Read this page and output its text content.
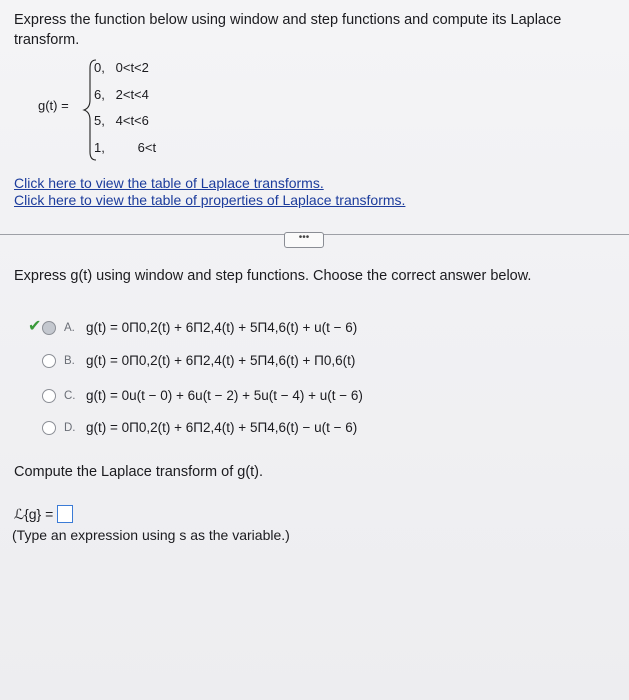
Express the function below using window and step functions and compute its Laplace transform.
g(t) =
0, 0<t<2
6, 2<t<4
5, 4<t<6
1,	6<t
Click here to view the table of Laplace transforms.
Click here to view the table of properties of Laplace transforms.
•••
Express g(t) using window and step functions. Choose the correct answer below.
✔ A. g(t) = 0Π0,2(t) + 6Π2,4(t) + 5Π4,6(t) + u(t − 6)
B. g(t) = 0Π0,2(t) + 6Π2,4(t) + 5Π4,6(t) + Π0,6(t)
C. g(t) = 0u(t − 0) + 6u(t − 2) + 5u(t − 4) + u(t − 6)
D. g(t) = 0Π0,2(t) + 6Π2,4(t) + 5Π4,6(t) − u(t − 6)
Compute the Laplace transform of g(t).
ℒ{g} =
(Type an expression using s as the variable.)
